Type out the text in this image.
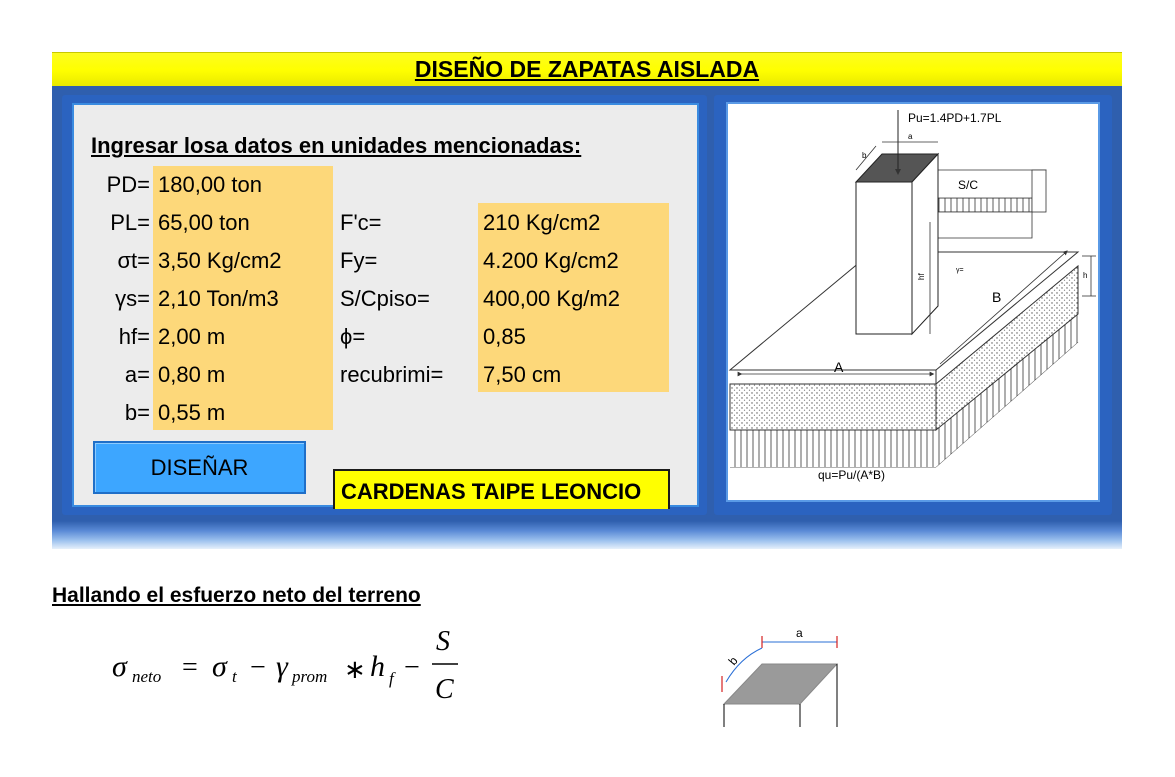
DISEÑO DE ZAPATAS AISLADA
Ingresar losa datos en unidades mencionadas:
PD= 180,00 ton
PL= 65,00 ton
σt= 3,50 Kg/cm2
γs= 2,10 Ton/m3
hf= 2,00 m
a= 0,80 m
b= 0,55 m
F'c=	210 Kg/cm2
Fy=	4.200 Kg/cm2
S/Cpiso= 400,00 Kg/m2
ϕ=	0,85
recubrimi= 7,50 cm
DISEÑAR
CARDENAS TAIPE LEONCIO
A
B
h
S/C
hf
γ=
Pu=1.4PD+1.7PL
a
b
qu=Pu/(A*B)
Hallando el esfuerzo neto del terreno
σ neto = σ t − γ prom ∗ h f −
S
C
a
b
